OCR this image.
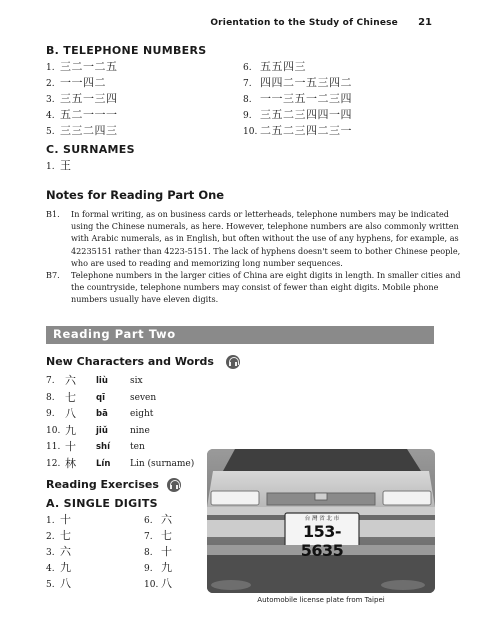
Orientation to the Study of Chinese 21
B. TELEPHONE NUMBERS
1. 三二一二五
2. 一一四二
3. 三五一三四
4. 五二一一一
5. 三三二四三
6. 五五四三
7. 四四二一五三四二
8. 一一三五一二三四
9. 三五二三四四一四
10. 二五二三四二三一
C. SURNAMES
1. 王
Notes for Reading Part One
B1. In formal writing, as on business cards or letterheads, telephone numbers may be indicated using the Chinese numerals, as here. However, telephone numbers are also commonly written with Arabic numerals, as in English, but often without the use of any hyphens, for example, as 42235151 rather than 4223-5151. The lack of hyphens doesn't seem to bother Chinese people, who are used to reading and memorizing long number sequences.
B7. Telephone numbers in the larger cities of China are eight digits in length. In smaller cities and the countryside, telephone numbers may consist of fewer than eight digits. Mobile phone numbers usually have eleven digits.
Reading Part Two
New Characters and Words
7. 六 liù six
8. 七 qī	seven
9. 八 bā eight
10. 九 jiǔ nine
11. 十 shí ten
12. 林 Lín Lin (surname)
Reading Exercises
A. SINGLE DIGITS
1. 十
2. 七
3. 六
4. 九
5. 八
6. 六
7. 七
8. 十
9. 九
10. 八
台 灣 省 北 市
153-5635
Automobile license plate from Taipei
